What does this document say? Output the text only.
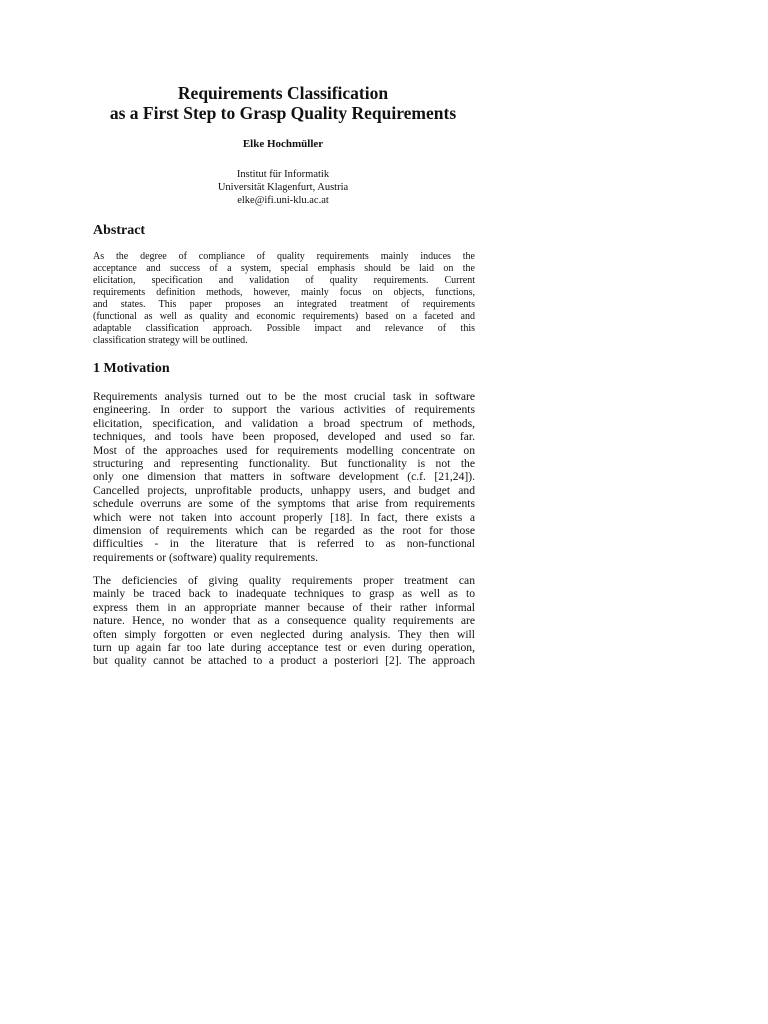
Requirements Classification
as a First Step to Grasp Quality Requirements

Elke Hochmüller

Institut für Informatik

Universität Klagenfurt, Austria

elke@ifi.uni-klu.ac.at

Abstract
As the degree of compliance of quality requirements mainly induces the
acceptance and success of a system, special emphasis should be laid on the
elicitation, specification and validation of quality requirements. Current
requirements definition methods, however, mainly focus on objects, functions,
and states. This paper proposes an integrated treatment of requirements
(functional as well as quality and economic requirements) based on a faceted and
adaptable classification approach. Possible impact and relevance of this
classification strategy will be outlined.
1 Motivation
Requirements analysis turned out to be the most crucial task in software
engineering. In order to support the various activities of requirements
elicitation, specification, and validation a broad spectrum of methods,
techniques, and tools have been proposed, developed and used so far.
Most of the approaches used for requirements modelling concentrate on
structuring and representing functionality. But functionality is not the
only one dimension that matters in software development (c.f. [21,24]).
Cancelled projects, unprofitable products, unhappy users, and budget and
schedule overruns are some of the symptoms that arise from requirements
which were not taken into account properly [18]. In fact, there exists a
dimension of requirements which can be regarded as the root for those
difficulties - in the literature that is referred to as non-functional
requirements or (software) quality requirements.
The deficiencies of giving quality requirements proper treatment can
mainly be traced back to inadequate techniques to grasp as well as to
express them in an appropriate manner because of their rather informal
nature. Hence, no wonder that as a consequence quality requirements are
often simply forgotten or even neglected during analysis. They then will
turn up again far too late during acceptance test or even during operation,
but quality cannot be attached to a product a posteriori [2]. The approach
